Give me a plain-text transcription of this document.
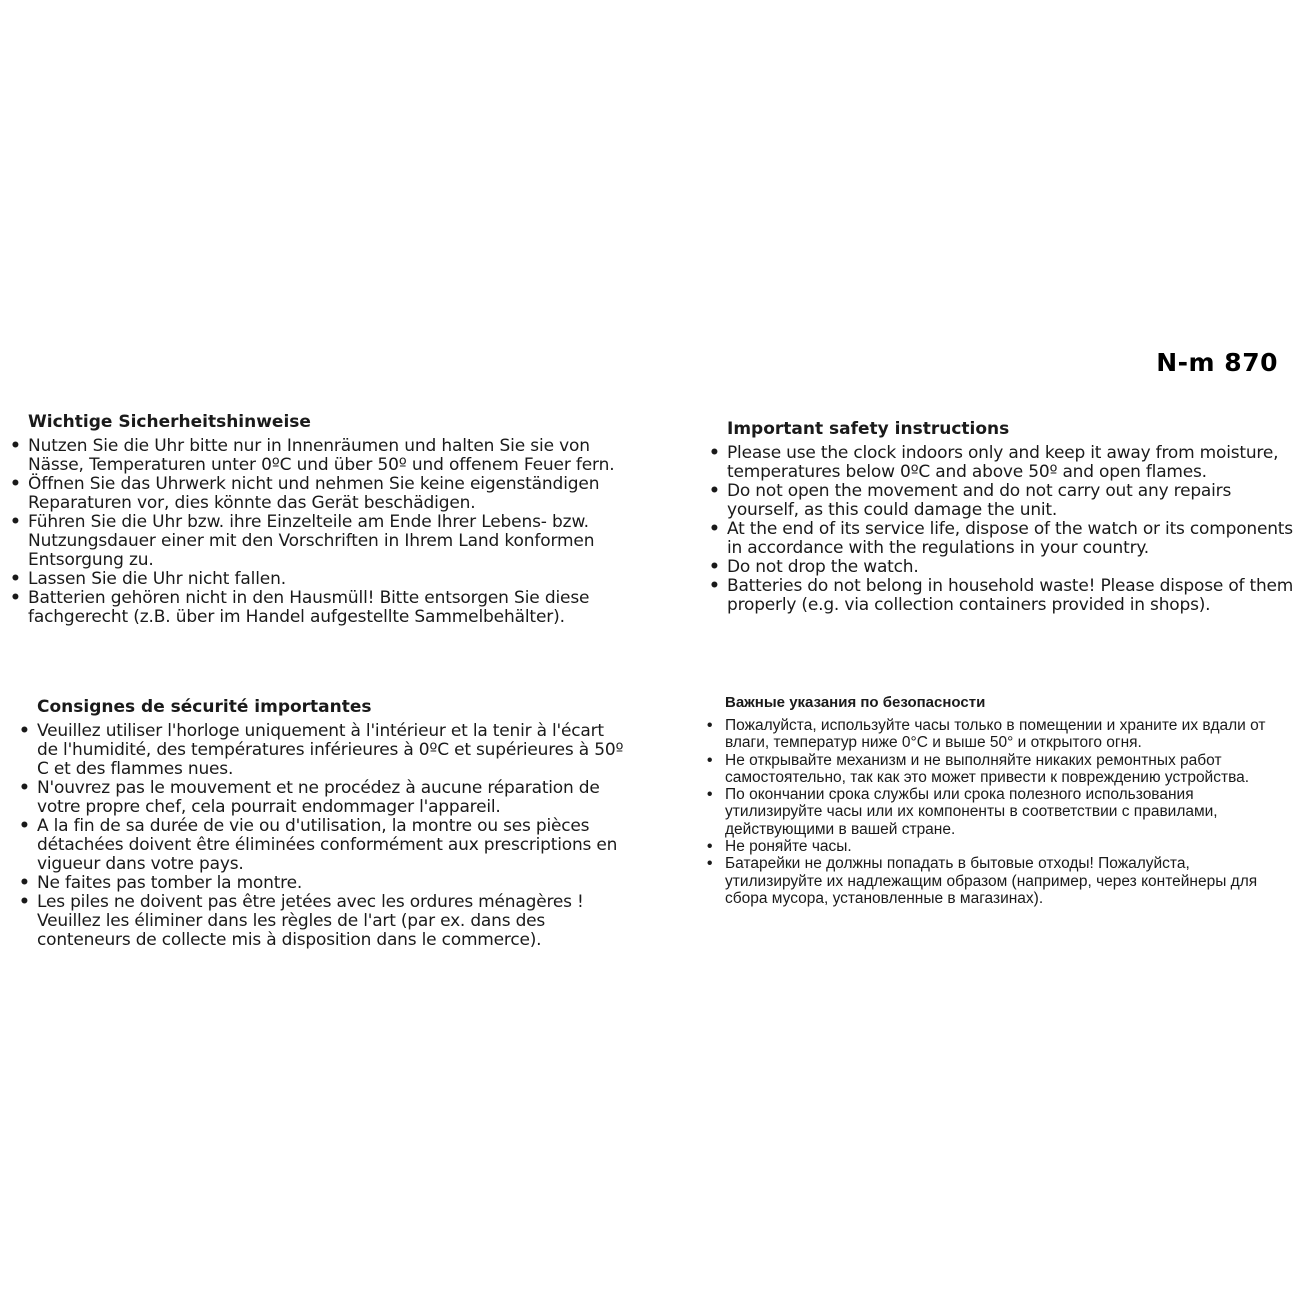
N-m 870
Wichtige Sicherheitshinweise
• Nutzen Sie die Uhr bitte nur in Innenräumen und halten Sie sie von Nässe, Temperaturen unter 0ºC und über 50º und offenem Feuer fern.
• Öffnen Sie das Uhrwerk nicht und nehmen Sie keine eigenständigen Reparaturen vor, dies könnte das Gerät beschädigen.
• Führen Sie die Uhr bzw. ihre Einzelteile am Ende Ihrer Lebens- bzw. Nutzungsdauer einer mit den Vorschriften in Ihrem Land konformen Entsorgung zu.
• Lassen Sie die Uhr nicht fallen.
• Batterien gehören nicht in den Hausmüll! Bitte entsorgen Sie diese fachgerecht (z.B. über im Handel aufgestellte Sammelbehälter).
Important safety instructions
• Please use the clock indoors only and keep it away from moisture, temperatures below 0ºC and above 50º and open flames.
• Do not open the movement and do not carry out any repairs yourself, as this could damage the unit.
• At the end of its service life, dispose of the watch or its components in accordance with the regulations in your country.
• Do not drop the watch.
• Batteries do not belong in household waste! Please dispose of them properly (e.g. via collection containers provided in shops).
Consignes de sécurité importantes
• Veuillez utiliser l'horloge uniquement à l'intérieur et la tenir à l'écart de l'humidité, des températures inférieures à 0ºC et supérieures à 50º C et des flammes nues.
• N'ouvrez pas le mouvement et ne procédez à aucune réparation de votre propre chef, cela pourrait endommager l'appareil.
• A la fin de sa durée de vie ou d'utilisation, la montre ou ses pièces détachées doivent être éliminées conformément aux prescriptions en vigueur dans votre pays.
• Ne faites pas tomber la montre.
• Les piles ne doivent pas être jetées avec les ordures ménagères ! Veuillez les éliminer dans les règles de l'art (par ex. dans des conteneurs de collecte mis à disposition dans le commerce).
Важные указания по безопасности
• Пожалуйста, используйте часы только в помещении и храните их вдали от влаги, температур ниже 0°C и выше 50° и открытого огня.
• Не открывайте механизм и не выполняйте никаких ремонтных работ самостоятельно, так как это может привести к повреждению устройства.
• По окончании срока службы или срока полезного использования утилизируйте часы или их компоненты в соответствии с правилами, действующими в вашей стране.
• Не роняйте часы.
• Батарейки не должны попадать в бытовые отходы! Пожалуйста, утилизируйте их надлежащим образом (например, через контейнеры для сбора мусора, установленные в магазинах).
